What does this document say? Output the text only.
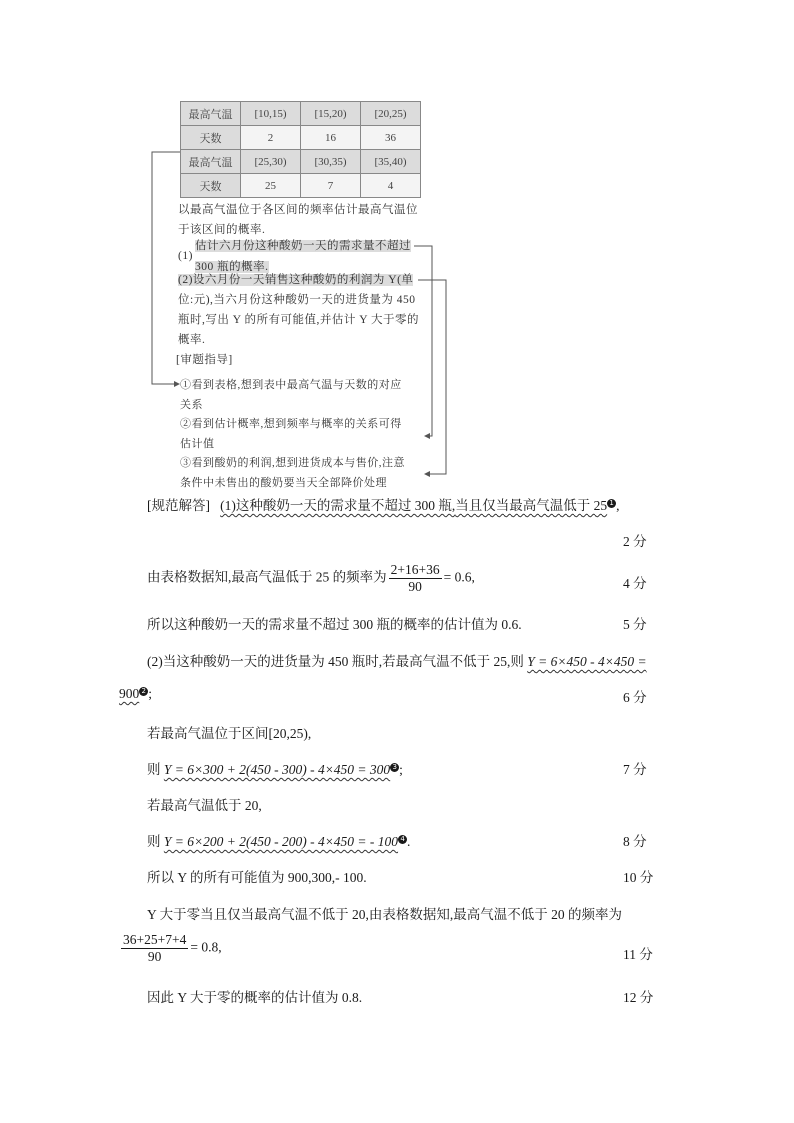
最高气温	[10,15)	[15,20)	[20,25)
天数	2	16	36
最高气温	[25,30)	[30,35)	[35,40)
天数	25	7	4
以最高气温位于各区间的频率估计最高气温位
于该区间的概率.
(1)
估计六月份这种酸奶一天的需求量不超过
300 瓶的概率.
(2)设六月份一天销售这种酸奶的利润为 Y(单
位:元),当六月份这种酸奶一天的进货量为 450
瓶时,写出 Y 的所有可能值,并估计 Y 大于零的
概率.
[审题指导]
①看到表格,想到表中最高气温与天数的对应
关系
②看到估计概率,想到频率与概率的关系可得
估计值
③看到酸奶的利润,想到进货成本与售价,注意
条件中未售出的酸奶要当天全部降价处理
[规范解答] (1)这种酸奶一天的需求量不超过 300 瓶,当且仅当最高气温低于 25 1 ,
2 分
由表格数据知,最高气温低于 25 的频率为 $\frac{2+16+36}{90} = 0.6$,	4 分
所以这种酸奶一天的需求量不超过 300 瓶的概率的估计值为 0.6.	5 分
(2)当这种酸奶一天的进货量为 450 瓶时,若最高气温不低于 25,则 Y = 6×450 - 4×450 =
900 2 ;	6 分
若最高气温位于区间[20,25),
则 Y = 6×300 + 2(450 - 300) - 4×450 = 300 3 ;	7 分
若最高气温低于 20,
则 Y = 6×200 + 2(450 - 200) - 4×450 = - 100 4 .	8 分
所以 Y 的所有可能值为 900,300,- 100.	10 分
Y 大于零当且仅当最高气温不低于 20,由表格数据知,最高气温不低于 20 的频率为
$\frac{36+25+7+4}{90} = 0.8$,	11 分
因此 Y 大于零的概率的估计值为 0.8.	12 分
